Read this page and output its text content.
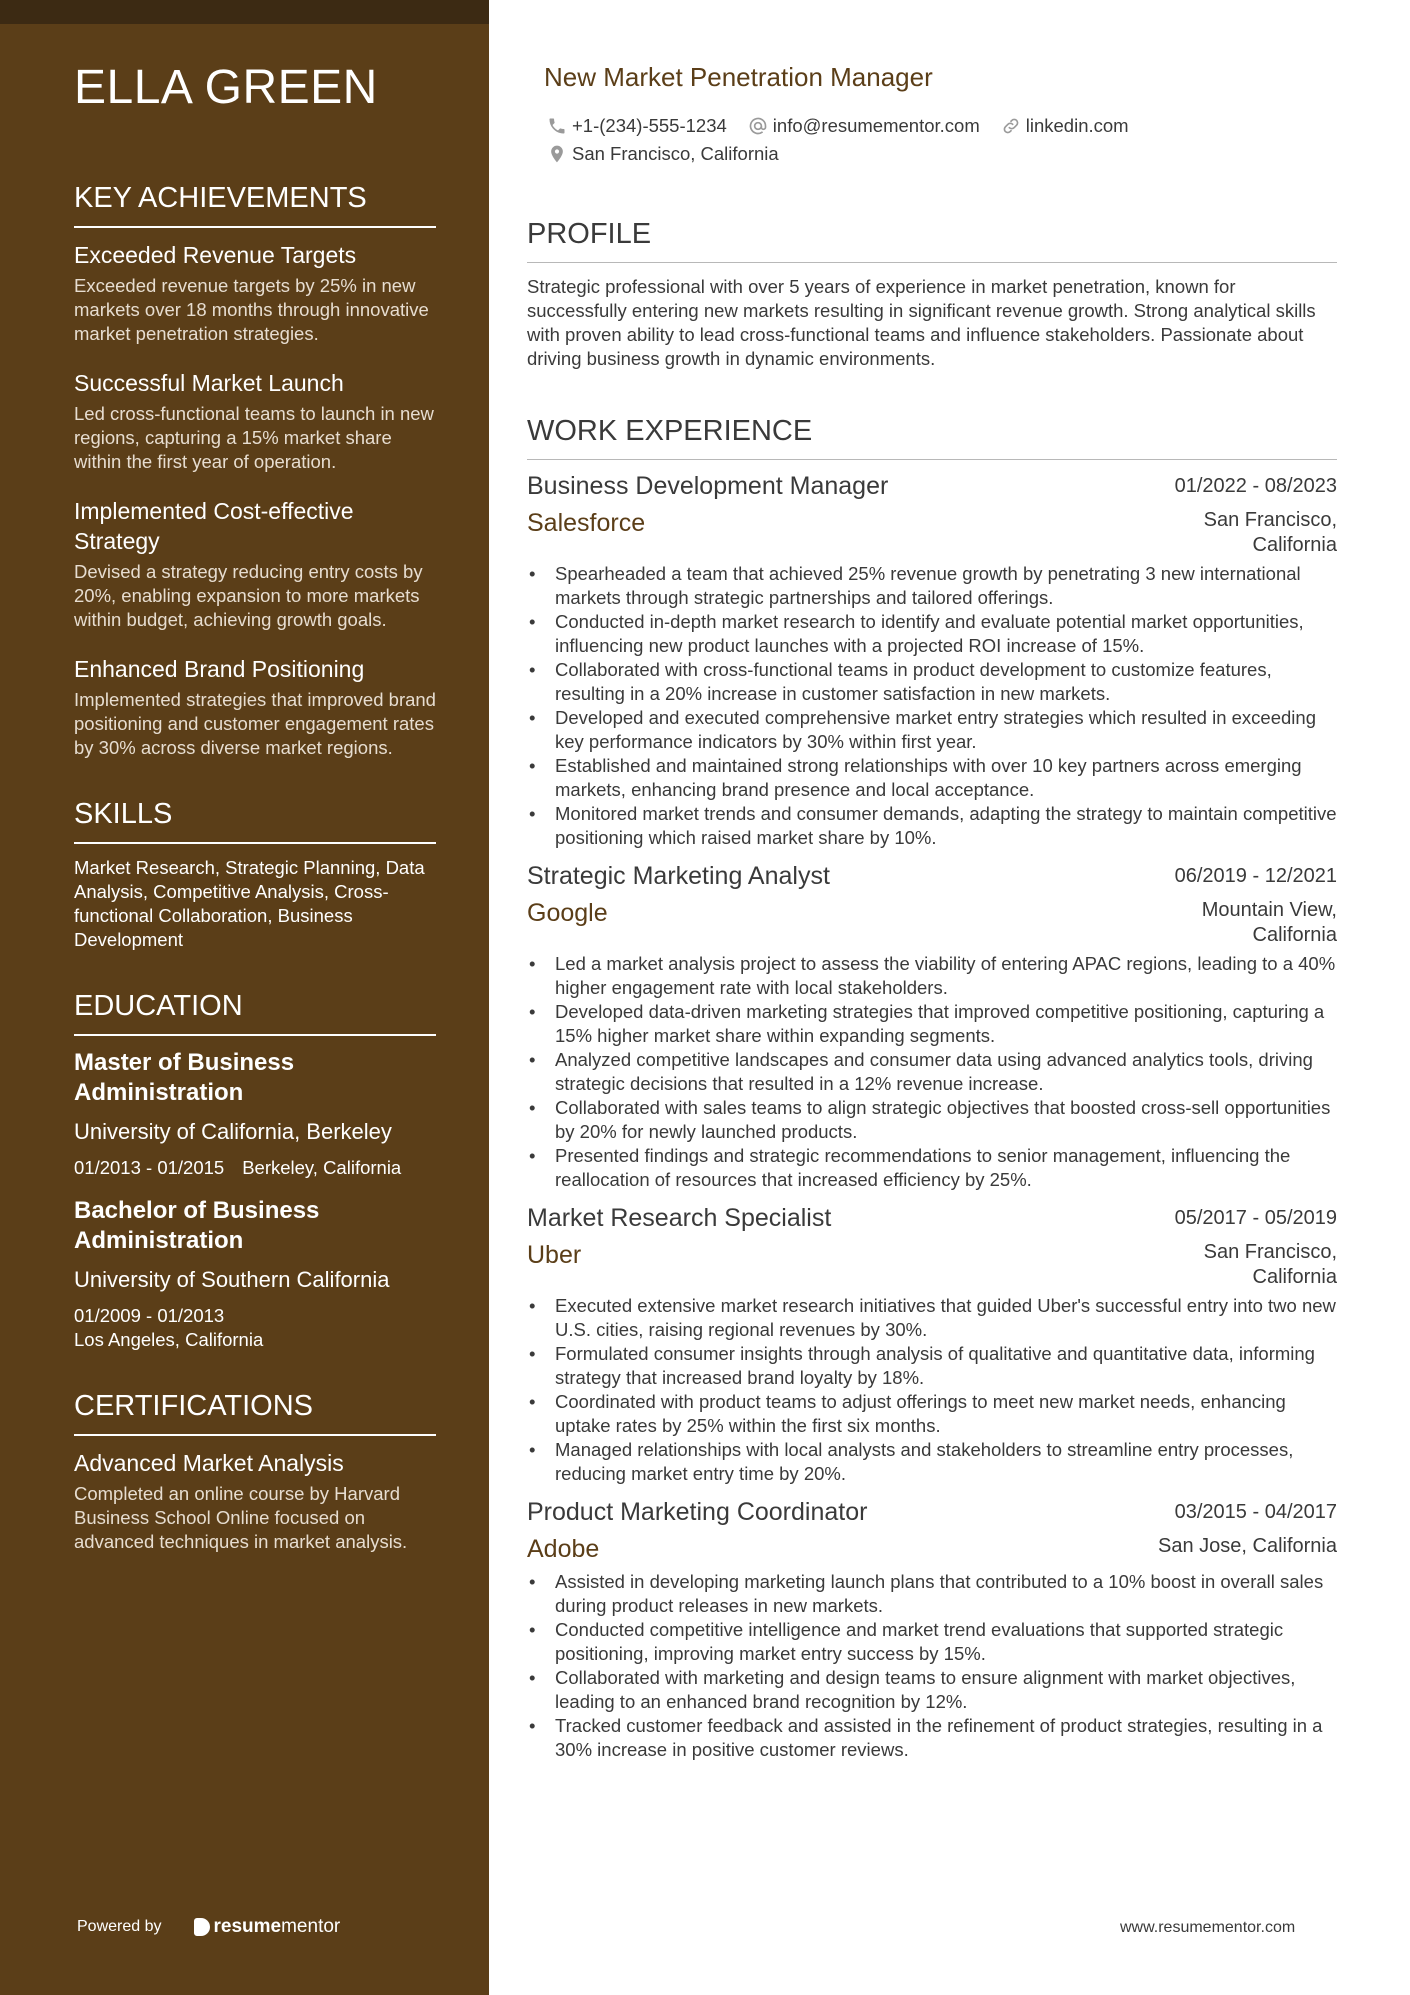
ELLA GREEN
KEY ACHIEVEMENTS
Exceeded Revenue Targets
Exceeded revenue targets by 25% in new markets over 18 months through innovative market penetration strategies.
Successful Market Launch
Led cross-functional teams to launch in new regions, capturing a 15% market share within the first year of operation.
Implemented Cost-effective Strategy
Devised a strategy reducing entry costs by 20%, enabling expansion to more markets within budget, achieving growth goals.
Enhanced Brand Positioning
Implemented strategies that improved brand positioning and customer engagement rates by 30% across diverse market regions.
SKILLS
Market Research, Strategic Planning, Data Analysis, Competitive Analysis, Cross-functional Collaboration, Business Development
EDUCATION
Master of Business Administration
University of California, Berkeley
01/2013 - 01/2015 Berkeley, California
Bachelor of Business Administration
University of Southern California
01/2009 - 01/2013
Los Angeles, California
CERTIFICATIONS
Advanced Market Analysis
Completed an online course by Harvard Business School Online focused on advanced techniques in market analysis.
Powered by	resume mentor
New Market Penetration Manager
+1-(234)-555-1234 info@resumementor.com linkedin.com
San Francisco, California
PROFILE
Strategic professional with over 5 years of experience in market penetration, known for successfully entering new markets resulting in significant revenue growth. Strong analytical skills with proven ability to lead cross-functional teams and influence stakeholders. Passionate about driving business growth in dynamic environments.
WORK EXPERIENCE
Business Development Manager	01/2022 - 08/2023
Salesforce	San Francisco,
California
• Spearheaded a team that achieved 25% revenue growth by penetrating 3 new international markets through strategic partnerships and tailored offerings.
• Conducted in-depth market research to identify and evaluate potential market opportunities, influencing new product launches with a projected ROI increase of 15%.
• Collaborated with cross-functional teams in product development to customize features, resulting in a 20% increase in customer satisfaction in new markets.
• Developed and executed comprehensive market entry strategies which resulted in exceeding key performance indicators by 30% within first year.
• Established and maintained strong relationships with over 10 key partners across emerging markets, enhancing brand presence and local acceptance.
• Monitored market trends and consumer demands, adapting the strategy to maintain competitive positioning which raised market share by 10%.
Strategic Marketing Analyst	06/2019 - 12/2021
Google	Mountain View,
California
• Led a market analysis project to assess the viability of entering APAC regions, leading to a 40% higher engagement rate with local stakeholders.
• Developed data-driven marketing strategies that improved competitive positioning, capturing a 15% higher market share within expanding segments.
• Analyzed competitive landscapes and consumer data using advanced analytics tools, driving strategic decisions that resulted in a 12% revenue increase.
• Collaborated with sales teams to align strategic objectives that boosted cross-sell opportunities by 20% for newly launched products.
• Presented findings and strategic recommendations to senior management, influencing the reallocation of resources that increased efficiency by 25%.
Market Research Specialist	05/2017 - 05/2019
Uber	San Francisco,
California
• Executed extensive market research initiatives that guided Uber's successful entry into two new U.S. cities, raising regional revenues by 30%.
• Formulated consumer insights through analysis of qualitative and quantitative data, informing strategy that increased brand loyalty by 18%.
• Coordinated with product teams to adjust offerings to meet new market needs, enhancing uptake rates by 25% within the first six months.
• Managed relationships with local analysts and stakeholders to streamline entry processes, reducing market entry time by 20%.
Product Marketing Coordinator	03/2015 - 04/2017
Adobe	San Jose, California
• Assisted in developing marketing launch plans that contributed to a 10% boost in overall sales during product releases in new markets.
• Conducted competitive intelligence and market trend evaluations that supported strategic positioning, improving market entry success by 15%.
• Collaborated with marketing and design teams to ensure alignment with market objectives, leading to an enhanced brand recognition by 12%.
• Tracked customer feedback and assisted in the refinement of product strategies, resulting in a 30% increase in positive customer reviews.
www.resumementor.com
